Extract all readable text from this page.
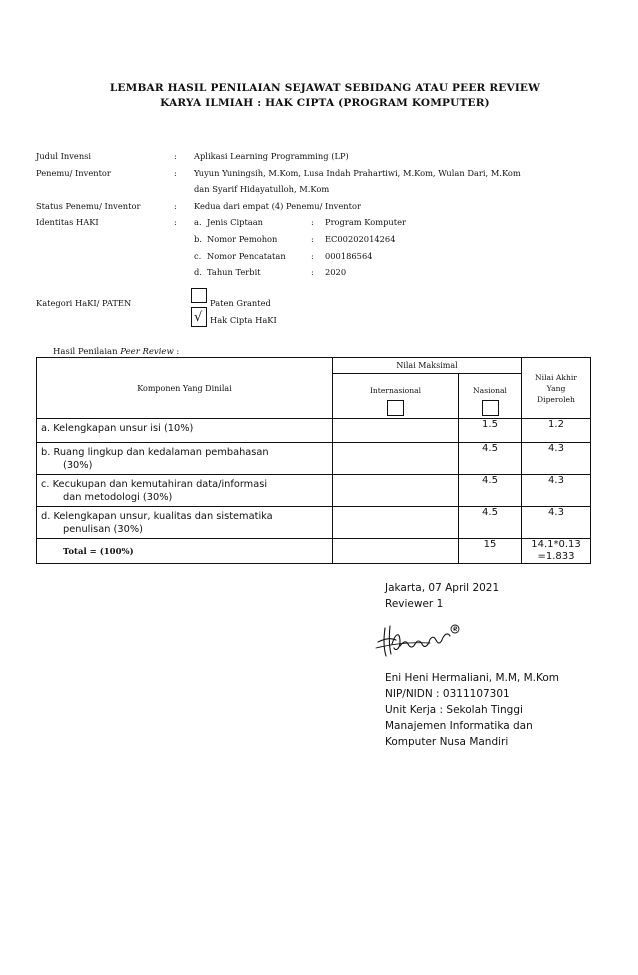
LEMBAR HASIL PENILAIAN SEJAWAT SEBIDANG ATAU PEER REVIEW
KARYA ILMIAH : HAK CIPTA (PROGRAM KOMPUTER)
Judul Invensi	: Aplikasi Learning Programming (LP)
Penemu/ Inventor	: Yuyun Yuningsih, M.Kom, Lusa Indah Prahartiwi, M.Kom, Wulan Dari, M.Kom
dan Syarif Hidayatulloh, M.Kom
Status Penemu/ Inventor	: Kedua dari empat (4) Penemu/ Inventor
Identitas HAKI	: a. Jenis Ciptaan	: Program Komputer
b. Nomor Pemohon	: EC00202014264
c. Nomor Pencatatan	: 000186564
d. Tahun Terbit	: 2020
Kategori HaKI/ PATEN	Paten Granted
√ Hak Cipta HaKI
Hasil Penilaian Peer Review :
Komponen Yang Dinilai	Nilai Maksimal		Nilai Akhir
Yang
Diperoleh

	Internasional	Nasional	

a. Kelengkapan unsur isi (10%)		1.5	1.2

b. Ruang lingkup dan kedalaman pembahasan
(30%)		4.5	4.3

c. Kecukupan dan kemutahiran data/informasi
dan metodologi (30%)		4.5	4.3

d. Kelengkapan unsur, kualitas dan sistematika
penulisan (30%)		4.5	4.3

Total = (100%)		15	14.1*0.13
=1.833
Jakarta, 07 April 2021
Reviewer 1
Eni Heni Hermaliani, M.M, M.Kom
NIP/NIDN : 0311107301
Unit Kerja : Sekolah Tinggi
Manajemen Informatika dan
Komputer Nusa Mandiri
